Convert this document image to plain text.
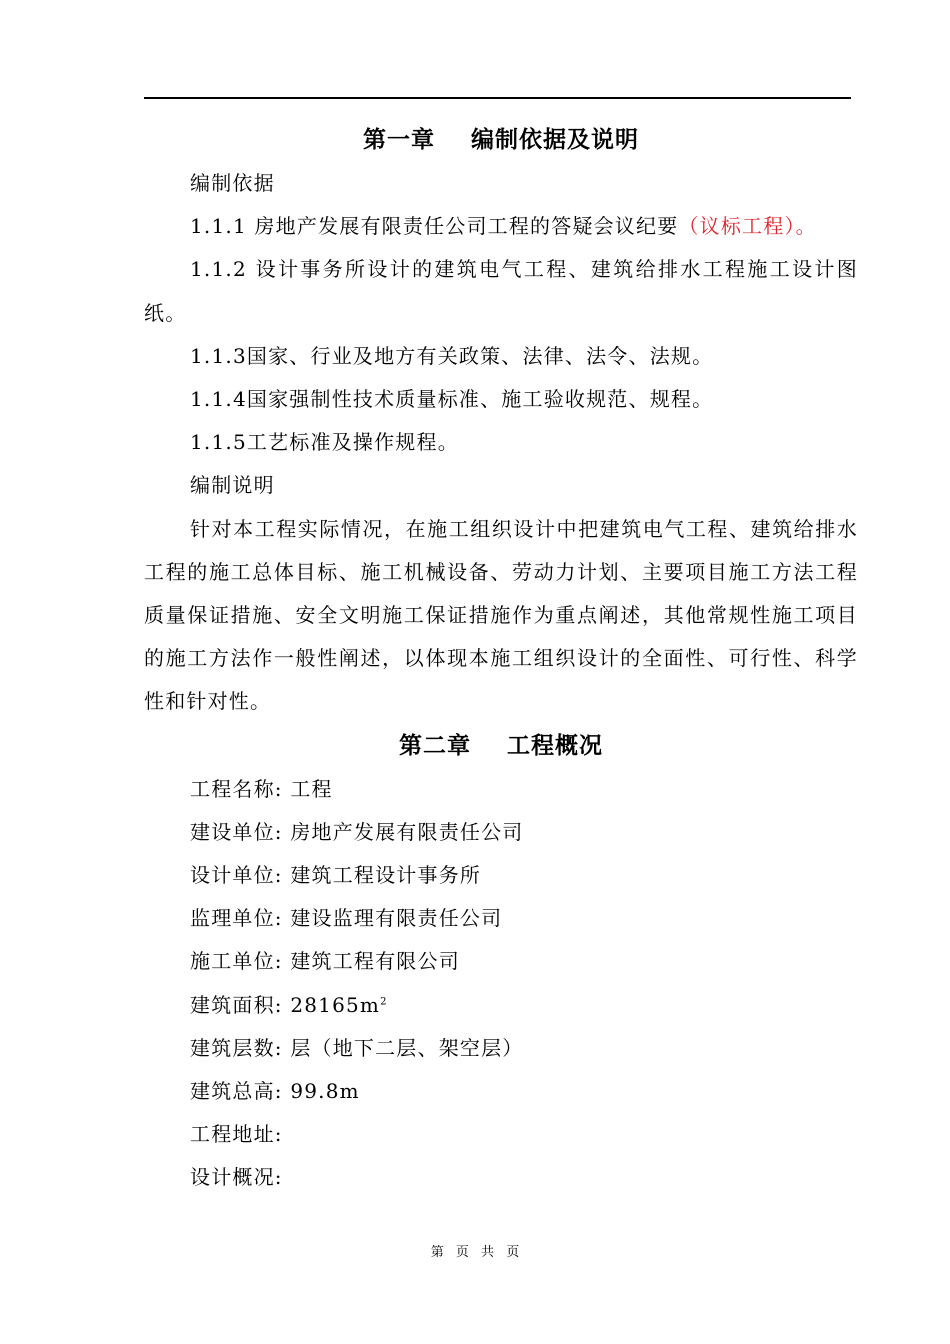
第一章    编制依据及说明

编制依据

1.1.1 房地产发展有限责任公司工程的答疑会议纪要（议标工程）。

1.1.2 设计事务所设计的建筑电气工程、建筑给排水工程施工设计图纸。

1.1.3国家、行业及地方有关政策、法律、法令、法规。

1.1.4国家强制性技术质量标准、施工验收规范、规程。

1.1.5工艺标准及操作规程。

编制说明

针对本工程实际情况，在施工组织设计中把建筑电气工程、建筑给排水工程的施工总体目标、施工机械设备、劳动力计划、主要项目施工方法工程质量保证措施、安全文明施工保证措施作为重点阐述，其他常规性施工项目的施工方法作一般性阐述，以体现本施工组织设计的全面性、可行性、科学性和针对性。

第二章    工程概况

工程名称: 工程

建设单位: 房地产发展有限责任公司

设计单位: 建筑工程设计事务所

监理单位: 建设监理有限责任公司

施工单位: 建筑工程有限公司

建筑面积: $28165m^2$

建筑层数: 层（地下二层、架空层）

建筑总高: 99.8m

工程地址:

设计概况:

第 页 共 页
